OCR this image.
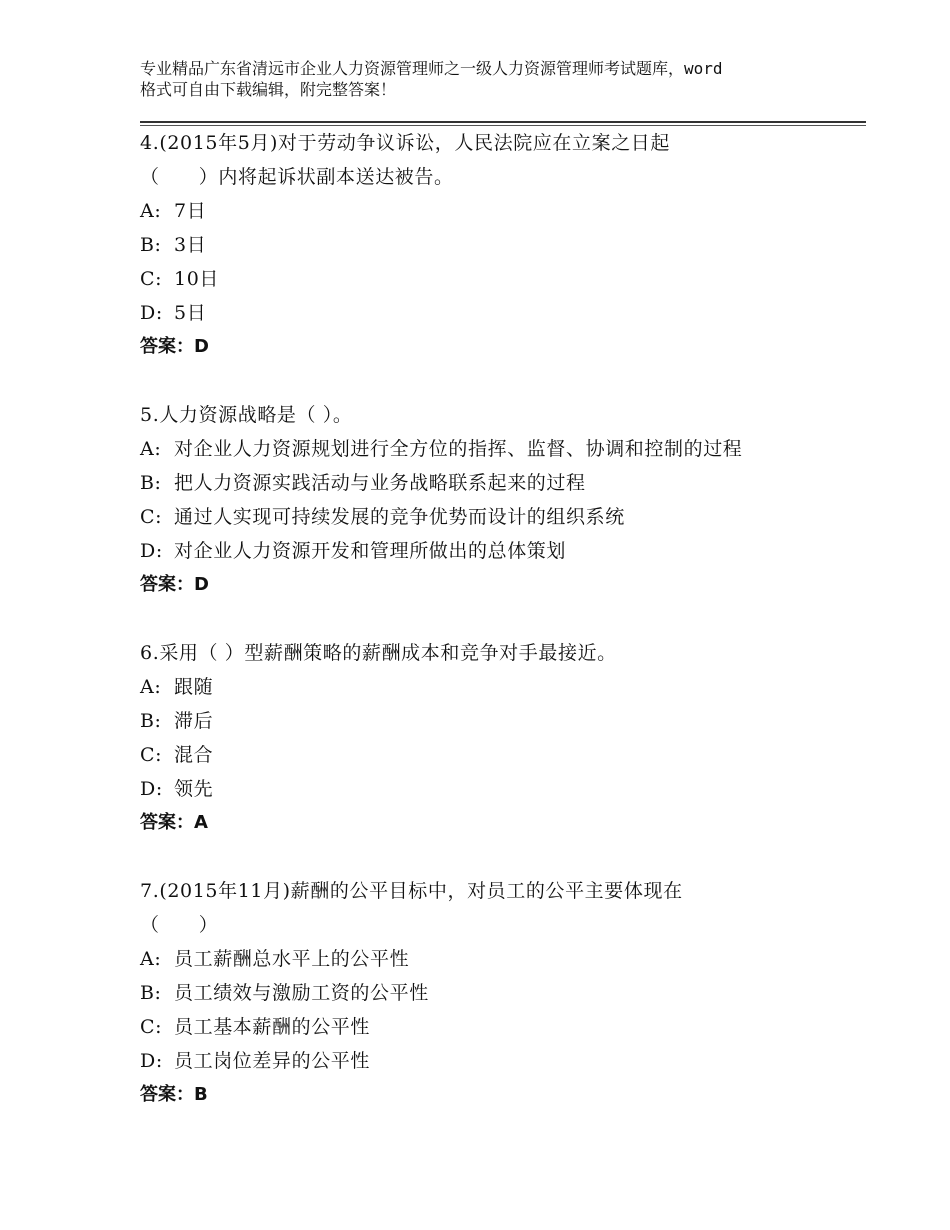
专业精品广东省清远市企业人力资源管理师之一级人力资源管理师考试题库，word
格式可自由下载编辑，附完整答案！
4.(2015年5月)对于劳动争议诉讼，人民法院应在立案之日起
（　　）内将起诉状副本送达被告。
A: 7日
B: 3日
C: 10日
D: 5日
答案：D
5.人力资源战略是（ ）。
A: 对企业人力资源规划进行全方位的指挥、监督、协调和控制的过程
B: 把人力资源实践活动与业务战略联系起来的过程
C: 通过人实现可持续发展的竞争优势而设计的组织系统
D: 对企业人力资源开发和管理所做出的总体策划
答案：D
6.采用（ ）型薪酬策略的薪酬成本和竞争对手最接近。
A: 跟随
B: 滞后
C: 混合
D: 领先
答案：A
7.(2015年11月)薪酬的公平目标中，对员工的公平主要体现在
（　　）
A: 员工薪酬总水平上的公平性
B: 员工绩效与激励工资的公平性
C: 员工基本薪酬的公平性
D: 员工岗位差异的公平性
答案：B
